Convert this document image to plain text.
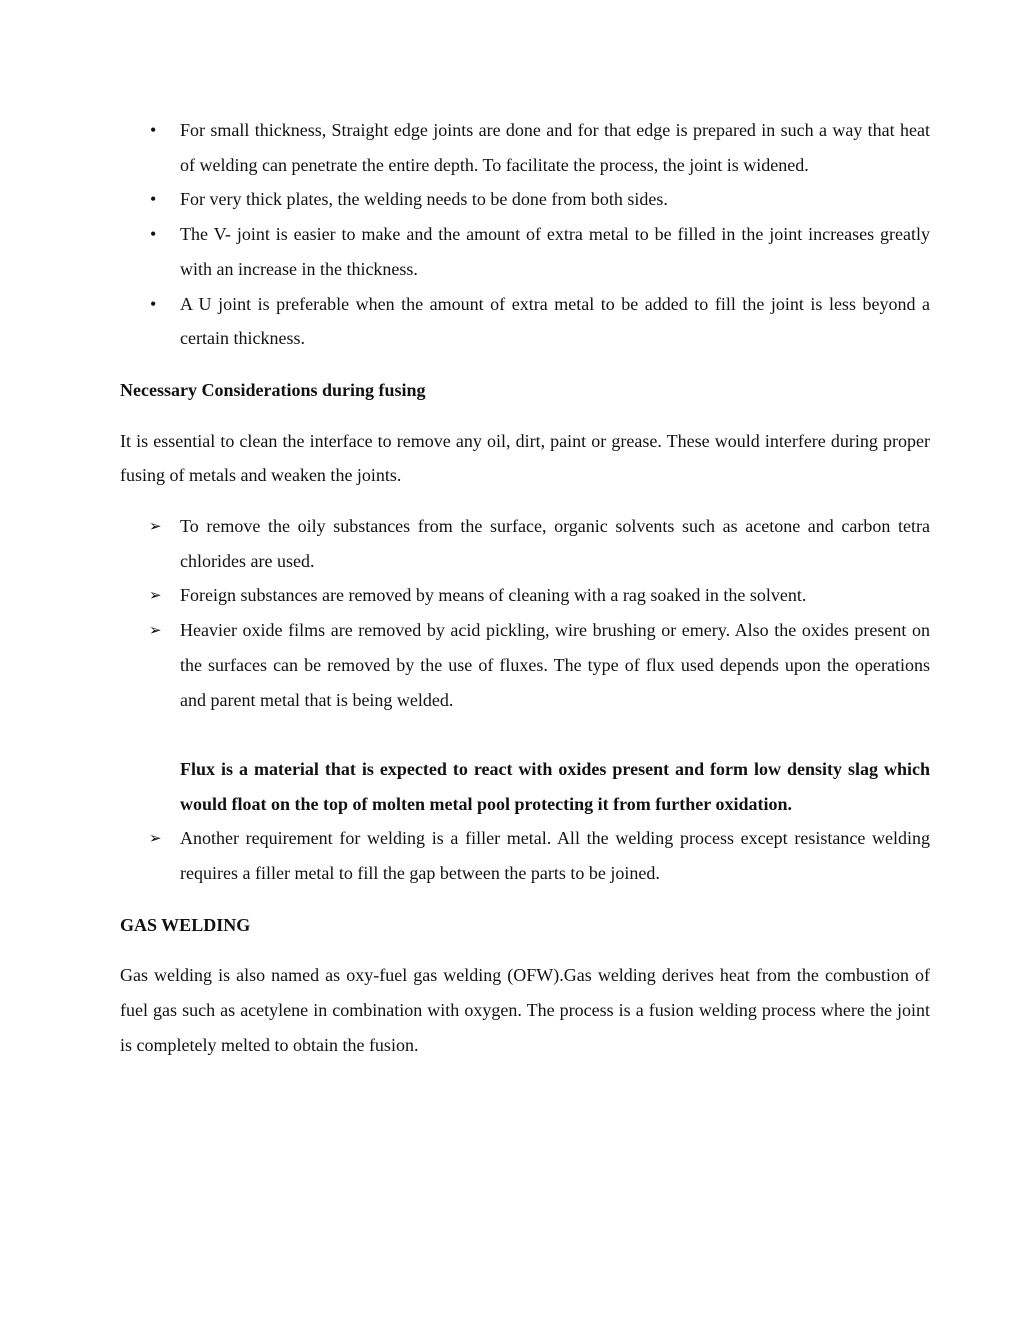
• For small thickness, Straight edge joints are done and for that edge is prepared in such a way that heat of welding can penetrate the entire depth. To facilitate the process, the joint is widened.
• For very thick plates, the welding needs to be done from both sides.
• The V- joint is easier to make and the amount of extra metal to be filled in the joint increases greatly with an increase in the thickness.
• A U joint is preferable when the amount of extra metal to be added to fill the joint is less beyond a certain thickness.
Necessary Considerations during fusing
It is essential to clean the interface to remove any oil, dirt, paint or grease. These would interfere during proper fusing of metals and weaken the joints.
➢ To remove the oily substances from the surface, organic solvents such as acetone and carbon tetra chlorides are used.
➢ Foreign substances are removed by means of cleaning with a rag soaked in the solvent.
➢ Heavier oxide films are removed by acid pickling, wire brushing or emery. Also the oxides present on the surfaces can be removed by the use of fluxes. The type of flux used depends upon the operations and parent metal that is being welded.
Flux is a material that is expected to react with oxides present and form low density slag which would float on the top of molten metal pool protecting it from further oxidation.
➢ Another requirement for welding is a filler metal. All the welding process except resistance welding requires a filler metal to fill the gap between the parts to be joined.
GAS WELDING
Gas welding is also named as oxy-fuel gas welding (OFW).Gas welding derives heat from the combustion of fuel gas such as acetylene in combination with oxygen. The process is a fusion welding process where the joint is completely melted to obtain the fusion.
